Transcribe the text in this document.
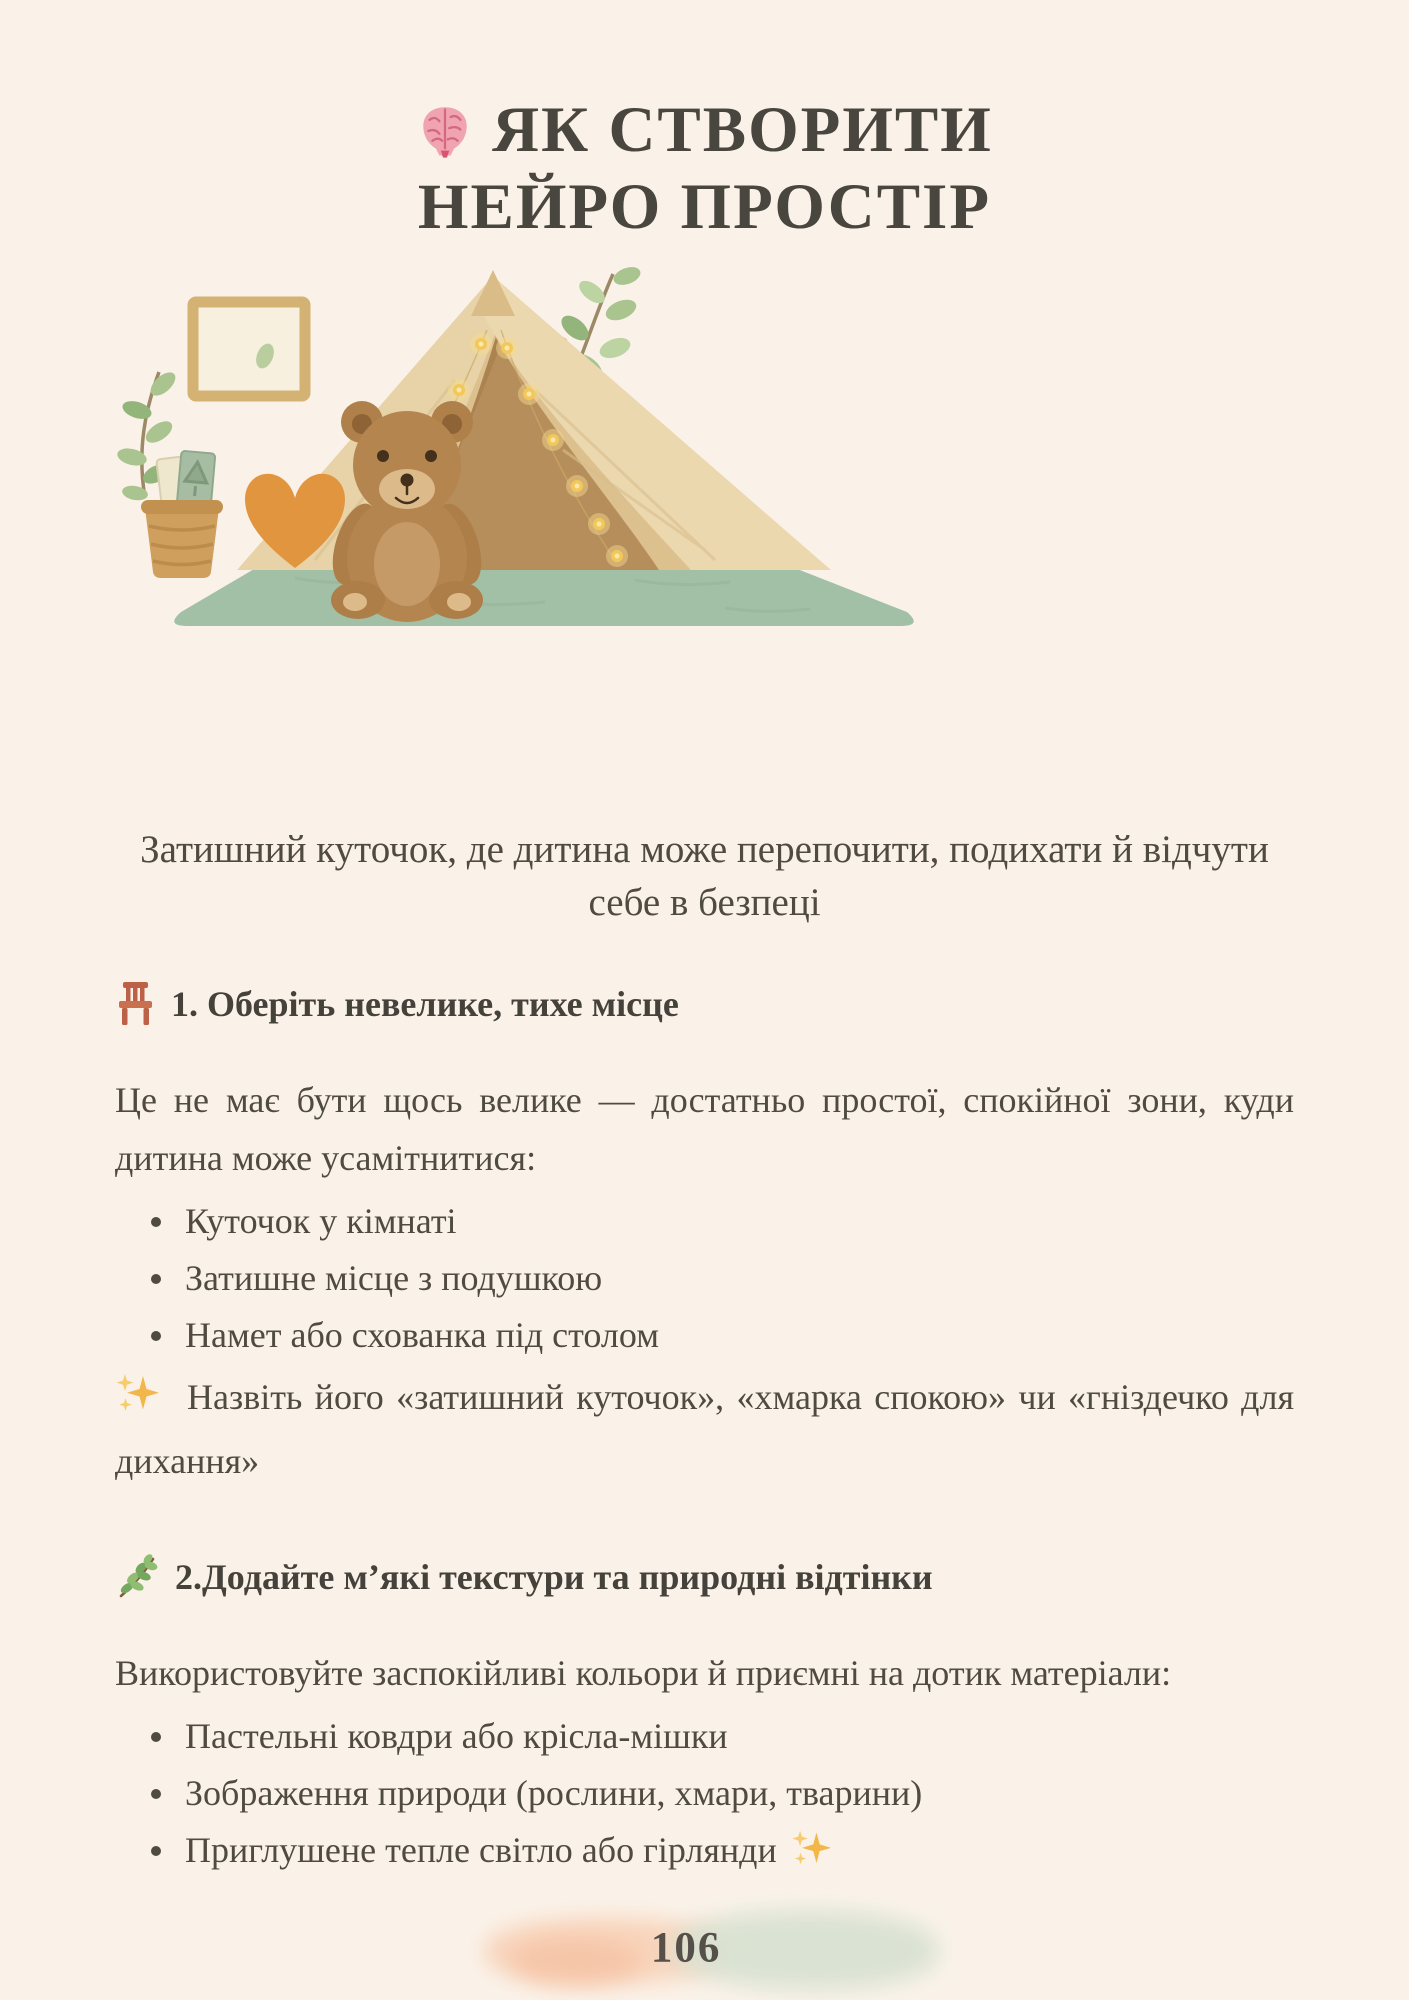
ЯК СТВОРИТИ
НЕЙРО ПРОСТІР
Затишний куточок, де дитина може перепочити, подихати й відчути себе в безпеці
1. Оберіть невелике, тихе місце

Це не має бути щось велике — достатньо простої, спокійної зони, куди дитина може усамітнитися:

Куточок у кімнаті
Затишне місце з подушкою
Намет або схованка під столом

Назвіть його «затишний куточок», «хмарка спокою» чи «гніздечко для дихання»

2.Додайте м’які текстури та природні відтінки

Використовуйте заспокійливі кольори й приємні на дотик матеріали:

Пастельні ковдри або крісла-мішки
Зображення природи (рослини, хмари, тварини)
Приглушене тепле світло або гірлянди
106
